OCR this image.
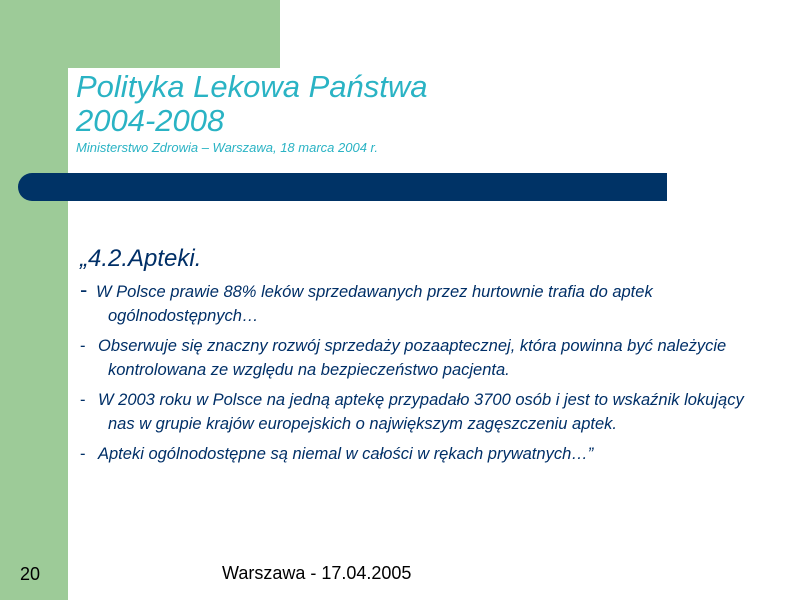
Polityka Lekowa Państwa
2004-2008
Ministerstwo Zdrowia – Warszawa, 18 marca 2004 r.
„4.2.Apteki.
- W Polsce prawie 88% leków sprzedawanych przez hurtownie trafia do aptek ogólnodostępnych…
- Obserwuje się znaczny rozwój sprzedaży pozaaptecznej, która powinna być należycie kontrolowana ze względu na bezpieczeństwo pacjenta.
- W 2003 roku w Polsce na jedną aptekę przypadało 3700 osób i jest to wskaźnik lokujący nas w grupie krajów europejskich o największym zagęszczeniu aptek.
- Apteki ogólnodostępne są niemal w całości w rękach prywatnych…”
20	Warszawa - 17.04.2005
